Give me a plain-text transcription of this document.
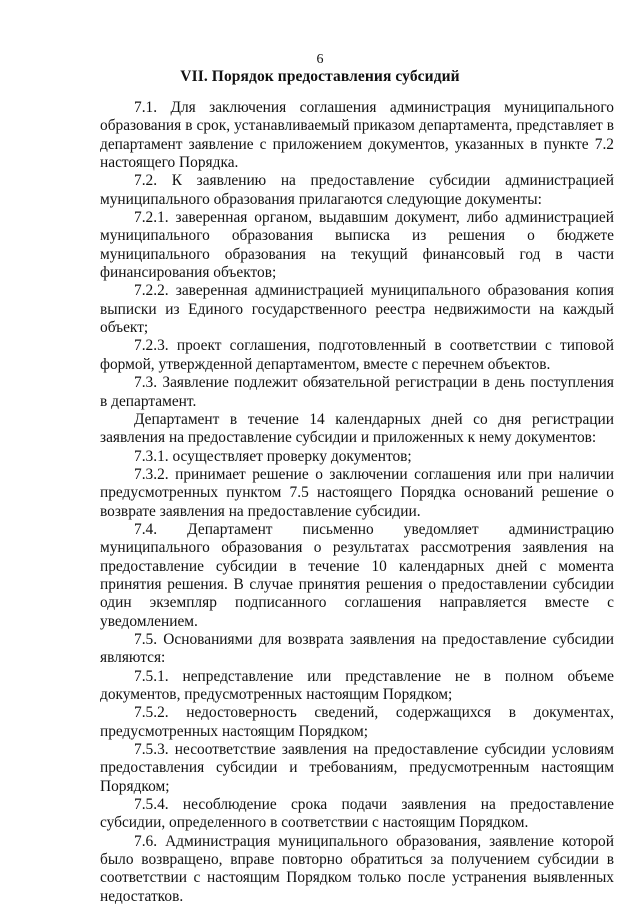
6
VII. Порядок предоставления субсидий

7.1. Для заключения соглашения администрация муниципального образования в срок, устанавливаемый приказом департамента, представляет в департамент заявление с приложением документов, указанных в пункте 7.2 настоящего Порядка.

7.2. К заявлению на предоставление субсидии администрацией муниципального образования прилагаются следующие документы:

7.2.1. заверенная органом, выдавшим документ, либо администрацией муниципального образования выписка из решения о бюджете муниципального образования на текущий финансовый год в части финансирования объектов;

7.2.2. заверенная администрацией муниципального образования копия выписки из Единого государственного реестра недвижимости на каждый объект;

7.2.3. проект соглашения, подготовленный в соответствии с типовой формой, утвержденной департаментом, вместе с перечнем объектов.

7.3. Заявление подлежит обязательной регистрации в день поступления в департамент.

Департамент в течение 14 календарных дней со дня регистрации заявления на предоставление субсидии и приложенных к нему документов:

7.3.1. осуществляет проверку документов;

7.3.2. принимает решение о заключении соглашения или при наличии предусмотренных пунктом 7.5 настоящего Порядка оснований решение о возврате заявления на предоставление субсидии.

7.4. Департамент письменно уведомляет администрацию муниципального образования о результатах рассмотрения заявления на предоставление субсидии в течение 10 календарных дней с момента принятия решения. В случае принятия решения о предоставлении субсидии один экземпляр подписанного соглашения направляется вместе с уведомлением.

7.5. Основаниями для возврата заявления на предоставление субсидии являются:

7.5.1. непредставление или представление не в полном объеме документов, предусмотренных настоящим Порядком;

7.5.2. недостоверность сведений, содержащихся в документах, предусмотренных настоящим Порядком;

7.5.3. несоответствие заявления на предоставление субсидии условиям предоставления субсидии и требованиям, предусмотренным настоящим Порядком;

7.5.4. несоблюдение срока подачи заявления на предоставление субсидии, определенного в соответствии с настоящим Порядком.

7.6. Администрация муниципального образования, заявление которой было возвращено, вправе повторно обратиться за получением субсидии в соответствии с настоящим Порядком только после устранения выявленных недостатков.
